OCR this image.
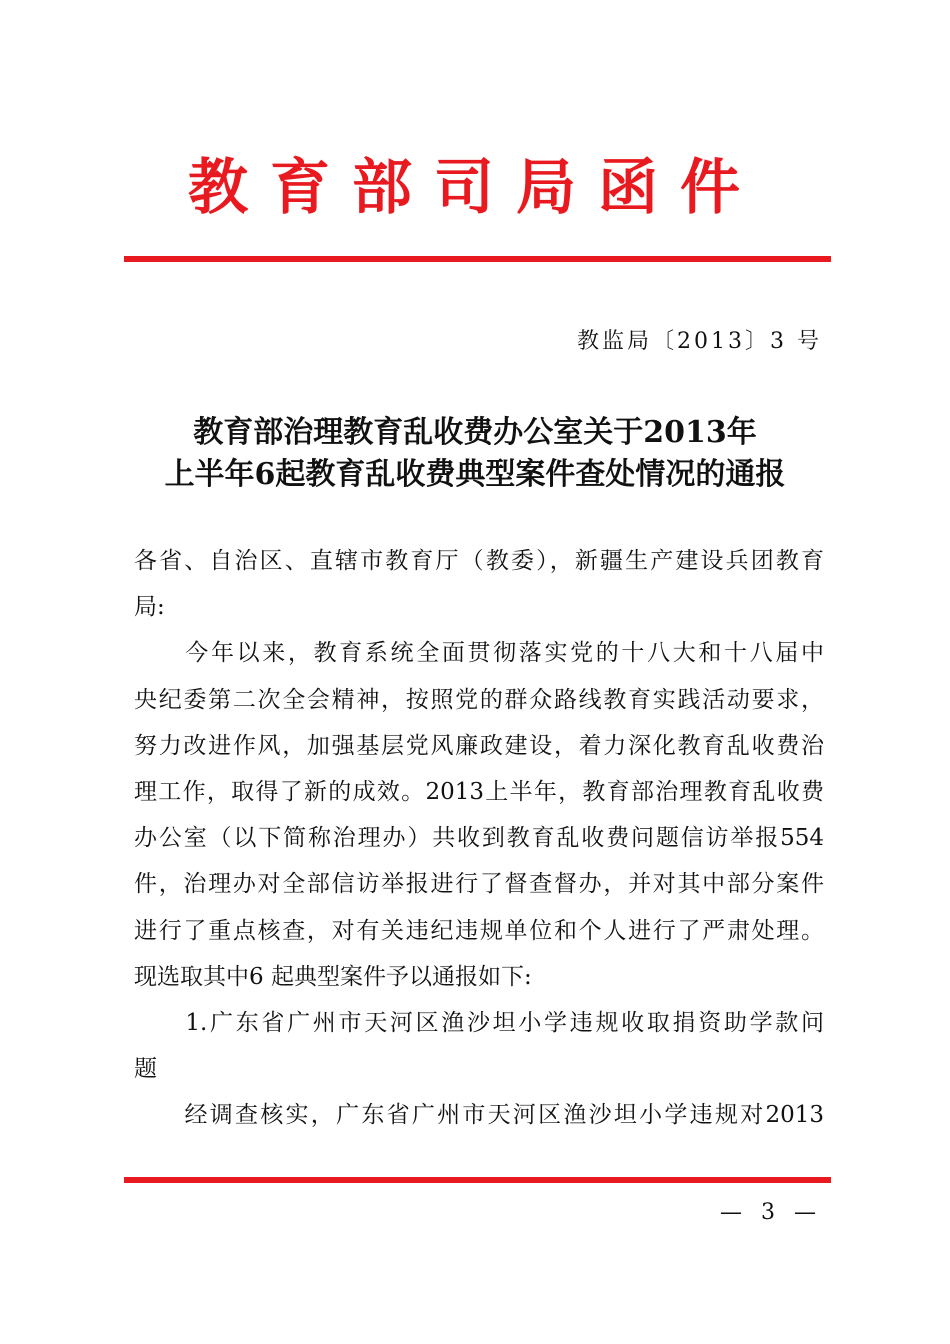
教育部司局函件
教监局〔2013〕3 号
教育部治理教育乱收费办公室关于2013年
上半年6起教育乱收费典型案件查处情况的通报
各省、自治区、直辖市教育厅（教委），新疆生产建设兵团教育
局:
　　今年以来，教育系统全面贯彻落实党的十八大和十八届中
央纪委第二次全会精神，按照党的群众路线教育实践活动要求，
努力改进作风，加强基层党风廉政建设，着力深化教育乱收费治
理工作，取得了新的成效。2013上半年，教育部治理教育乱收费
办公室（以下简称治理办）共收到教育乱收费问题信访举报554
件，治理办对全部信访举报进行了督查督办，并对其中部分案件
进行了重点核查，对有关违纪违规单位和个人进行了严肃处理。
现选取其中6 起典型案件予以通报如下:
　　1.广东省广州市天河区渔沙坦小学违规收取捐资助学款问
题
　　经调查核实，广东省广州市天河区渔沙坦小学违规对2013
— 3 —
